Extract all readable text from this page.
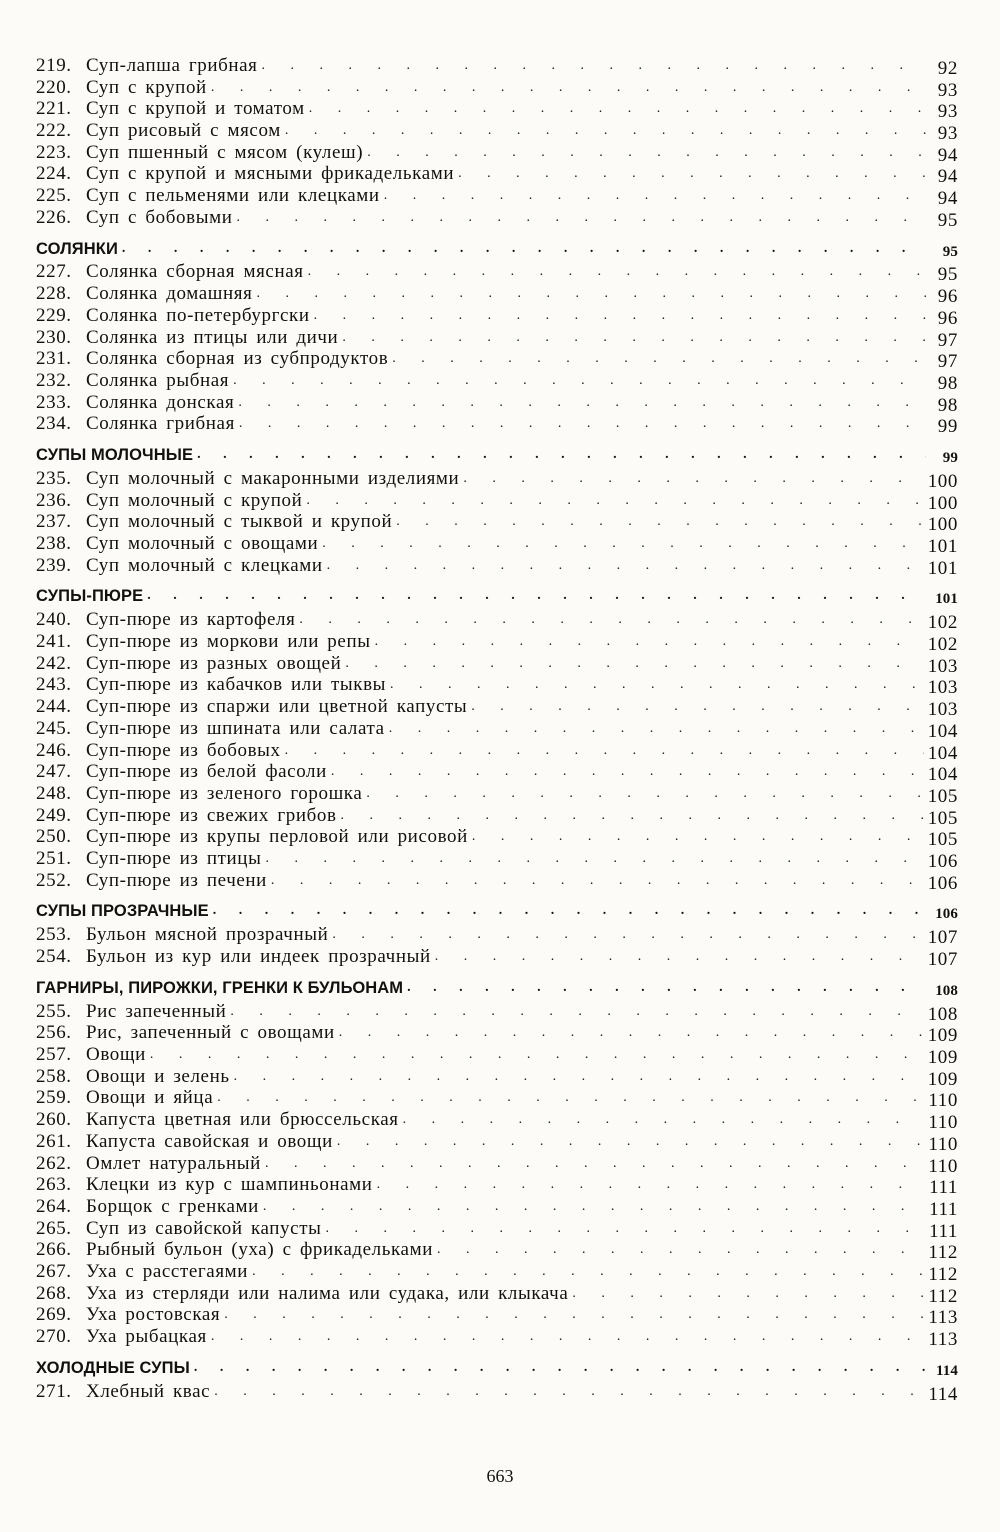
219. Суп-лапша грибная . . .	92
220. Суп с крупой . . .	93
221. Суп с крупой и томатом . . .	93
222. Суп рисовый с мясом . . .	93
223. Суп пшенный с мясом (кулеш) . . .	94
224. Суп с крупой и мясными фрикадельками . . .	94
225. Суп с пельменями или клецками . . .	94
226. Суп с бобовыми . . .	95
СОЛЯНКИ . . .	95
227. Солянка сборная мясная . . .	95
228. Солянка домашняя . . .	96
229. Солянка по-петербургски . . .	96
230. Солянка из птицы или дичи . . .	97
231. Солянка сборная из субпродуктов . . .	97
232. Солянка рыбная . . .	98
233. Солянка донская . . .	98
234. Солянка грибная . . .	99
СУПЫ МОЛОЧНЫЕ . . .	99
235. Суп молочный с макаронными изделиями . . .	100
236. Суп молочный с крупой . . .	100
237. Суп молочный с тыквой и крупой . . .	100
238. Суп молочный с овощами . . .	101
239. Суп молочный с клецками . . .	101
СУПЫ-ПЮРЕ . . .	101
240. Суп-пюре из картофеля . . .	102
241. Суп-пюре из моркови или репы . . .	102
242. Суп-пюре из разных овощей . . .	103
243. Суп-пюре из кабачков или тыквы . . .	103
244. Суп-пюре из спаржи или цветной капусты . . .	103
245. Суп-пюре из шпината или салата . . .	104
246. Суп-пюре из бобовых . . .	104
247. Суп-пюре из белой фасоли . . .	104
248. Суп-пюре из зеленого горошка . . .	105
249. Суп-пюре из свежих грибов . . .	105
250. Суп-пюре из крупы перловой или рисовой . . .	105
251. Суп-пюре из птицы . . .	106
252. Суп-пюре из печени . . .	106
СУПЫ ПРОЗРАЧНЫЕ . . .	106
253. Бульон мясной прозрачный . . .	107
254. Бульон из кур или индеек прозрачный . . .	107
ГАРНИРЫ, ПИРОЖКИ, ГРЕНКИ К БУЛЬОНАМ . . .	108
255. Рис запеченный . . .	108
256. Рис, запеченный с овощами . . .	109
257. Овощи . . .	109
258. Овощи и зелень . . .	109
259. Овощи и яйца . . .	110
260. Капуста цветная или брюссельская . . .	110
261. Капуста савойская и овощи . . .	110
262. Омлет натуральный . . .	110
263. Клецки из кур с шампиньонами . . .	111
264. Борщок с гренками . . .	111
265. Суп из савойской капусты . . .	111
266. Рыбный бульон (уха) с фрикадельками . . .	112
267. Уха с расстегаями . . .	112
268. Уха из стерляди или налима или судака, или клыкача . . .	112
269. Уха ростовская . . .	113
270. Уха рыбацкая . . .	113
ХОЛОДНЫЕ СУПЫ . . .	114
271. Хлебный квас . . .	114
663
